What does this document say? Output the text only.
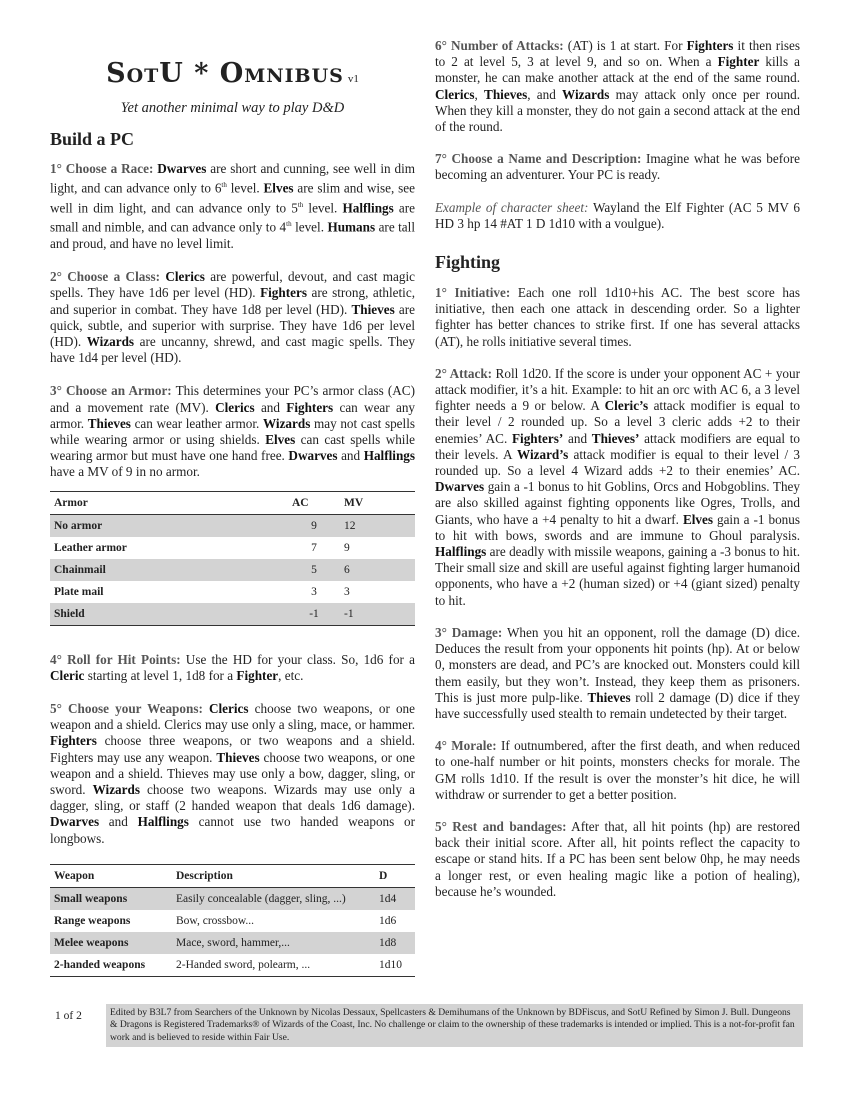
SotU * Omnibus v1
Yet another minimal way to play D&D
Build a PC

1° Choose a Race: Dwarves are short and cunning, see well in dim light, and can advance only to 6th level. Elves are slim and wise, see well in dim light, and can advance only to 5th level. Halflings are small and nimble, and can advance only to 4th level. Humans are tall and proud, and have no level limit.

2° Choose a Class: Clerics are powerful, devout, and cast magic spells. They have 1d6 per level (HD). Fighters are strong, athletic, and superior in combat. They have 1d8 per level (HD). Thieves are quick, subtle, and superior with surprise. They have 1d6 per level (HD). Wizards are uncanny, shrewd, and cast magic spells. They have 1d4 per level (HD).

3° Choose an Armor: This determines your PC’s armor class (AC) and a movement rate (MV). Clerics and Fighters can wear any armor. Thieves can wear leather armor. Wizards may not cast spells while wearing armor or using shields. Elves can cast spells while wearing armor but must have one hand free. Dwarves and Halflings have a MV of 9 in no armor.

Armor	AC	MV
No armor	9	12
Leather armor	7	9
Chainmail	5	6
Plate mail	3	3
Shield	-1	-1

4° Roll for Hit Points: Use the HD for your class. So, 1d6 for a Cleric starting at level 1, 1d8 for a Fighter, etc.

5° Choose your Weapons: Clerics choose two weapons, or one weapon and a shield. Clerics may use only a sling, mace, or hammer. Fighters choose three weapons, or two weapons and a shield. Fighters may use any weapon. Thieves choose two weapons, or one weapon and a shield. Thieves may use only a bow, dagger, sling, or sword. Wizards choose two weapons. Wizards may use only a dagger, sling, or staff (2 handed weapon that deals 1d6 damage). Dwarves and Halflings cannot use two handed weapons or longbows.

Weapon	Description	D
Small weapons	Easily concealable (dagger, sling, ...)	1d4
Range weapons	Bow, crossbow...	1d6
Melee weapons	Mace, sword, hammer,...	1d8
2-handed weapons	2-Handed sword, polearm, ...	1d10

6° Number of Attacks: (AT) is 1 at start. For Fighters it then rises to 2 at level 5, 3 at level 9, and so on. When a Fighter kills a monster, he can make another attack at the end of the same round. Clerics, Thieves, and Wizards may attack only once per round. When they kill a monster, they do not gain a second attack at the end of the round.

7° Choose a Name and Description: Imagine what he was before becoming an adventurer. Your PC is ready.

Example of character sheet: Wayland the Elf Fighter (AC 5 MV 6 HD 3 hp 14 #AT 1 D 1d10 with a voulgue).

Fighting

1° Initiative: Each one roll 1d10+his AC. The best score has initiative, then each one attack in descending order. So a lighter fighter has better chances to strike first. If one has several attacks (AT), he rolls initiative several times.

2° Attack: Roll 1d20. If the score is under your opponent AC + your attack modifier, it’s a hit. Example: to hit an orc with AC 6, a 3 level fighter needs a 9 or below. A Cleric’s attack modifier is equal to their level / 2 rounded up. So a level 3 cleric adds +2 to their enemies’ AC. Fighters’ and Thieves’ attack modifiers are equal to their levels. A Wizard’s attack modifier is equal to their level / 3 rounded up. So a level 4 Wizard adds +2 to their enemies’ AC. Dwarves gain a -1 bonus to hit Goblins, Orcs and Hobgoblins. They are also skilled against fighting opponents like Ogres, Trolls, and Giants, who have a +4 penalty to hit a dwarf. Elves gain a -1 bonus to hit with bows, swords and are immune to Ghoul paralysis. Halflings are deadly with missile weapons, gaining a -3 bonus to hit. Their small size and skill are useful against fighting larger humanoid opponents, who have a +2 (human sized) or +4 (giant sized) penalty to hit.

3° Damage: When you hit an opponent, roll the damage (D) dice. Deduces the result from your opponents hit points (hp). At or below 0, monsters are dead, and PC’s are knocked out. Monsters could kill them easily, but they won’t. Instead, they keep them as prisoners. This is just more pulp-like. Thieves roll 2 damage (D) dice if they have successfully used stealth to remain undetected by their target.

4° Morale: If outnumbered, after the first death, and when reduced to one-half number or hit points, monsters checks for morale. The GM rolls 1d10. If the result is over the monster’s hit dice, he will withdraw or surrender to get a better position.

5° Rest and bandages: After that, all hit points (hp) are restored back their initial score. After all, hit points reflect the capacity to escape or stand hits. If a PC has been sent below 0hp, he may needs a longer rest, or even healing magic like a potion of healing), because he’s wounded.

1 of 2	Edited by B3L7 from Searchers of the Unknown by Nicolas Dessaux, Spellcasters & Demihumans of the Unknown by BDFiscus, and SotU Refined by Simon J. Bull. Dungeons & Dragons is Registered Trademarks® of Wizards of the Coast, Inc. No challenge or claim to the ownership of these trademarks is intended or implied. This is a not-for-profit fan work and is believed to reside within Fair Use.
